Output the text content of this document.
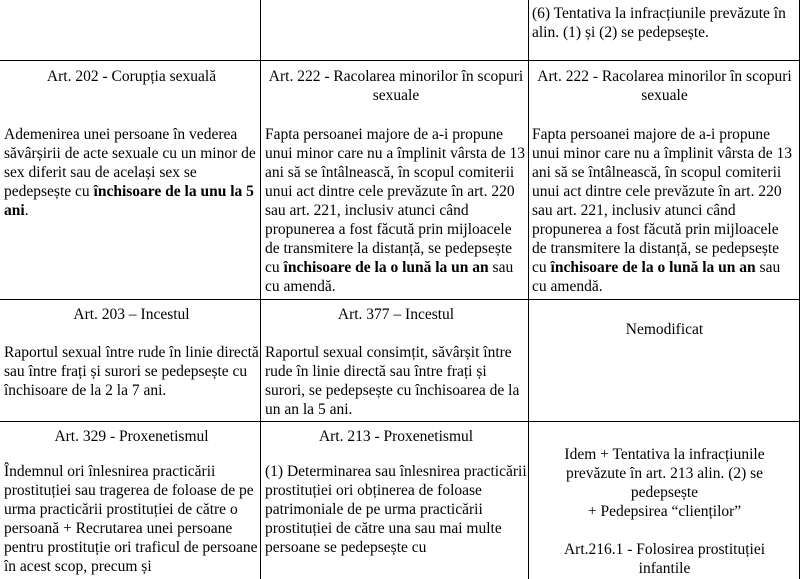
(6) Tentativa la infracțiunile prevăzute în alin. (1) și (2) se pedepsește.
Art. 202 - Corupția sexuală
Ademenirea unei persoane în vederea săvârșirii de acte sexuale cu un minor de sex diferit sau de același sex se pedepsește cu închisoare de la unu la 5 ani.
Art. 222 - Racolarea minorilor în scopuri sexuale
Fapta persoanei majore de a-i propune unui minor care nu a împlinit vârsta de 13 ani să se întâlnească, în scopul comiterii unui act dintre cele prevăzute în art. 220 sau art. 221, inclusiv atunci când propunerea a fost făcută prin mijloacele de transmitere la distanță, se pedepsește cu închisoare de la o lună la un an sau cu amendă.
Art. 222 - Racolarea minorilor în scopuri sexuale
Fapta persoanei majore de a-i propune unui minor care nu a împlinit vârsta de 13 ani să se întâlnească, în scopul comiterii unui act dintre cele prevăzute în art. 220 sau art. 221, inclusiv atunci când propunerea a fost făcută prin mijloacele de transmitere la distanță, se pedepsește cu închisoare de la o lună la un an sau cu amendă.
Art. 203 – Incestul
Raportul sexual între rude în linie directă sau între frați și surori se pedepsește cu închisoare de la 2 la 7 ani.
Art. 377 – Incestul
Raportul sexual consimțit, săvârșit între rude în linie directă sau între frați și surori, se pedepsește cu închisoarea de la un an la 5 ani.
Nemodificat
Art. 329 - Proxenetismul
Îndemnul ori înlesnirea practicării prostituției sau tragerea de foloase de pe urma practicării prostituției de către o persoană + Recrutarea unei persoane pentru prostituție ori traficul de persoane în acest scop, precum și
Art. 213 - Proxenetismul
(1) Determinarea sau înlesnirea practicării prostituției ori obținerea de foloase patrimoniale de pe urma practicării prostituției de către una sau mai multe persoane se pedepsește cu
Idem + Tentativa la infracțiunile prevăzute în art. 213 alin. (2) se pedepsește
+ Pedepsirea “clienților”
Art.216.1 - Folosirea prostituției infantile
